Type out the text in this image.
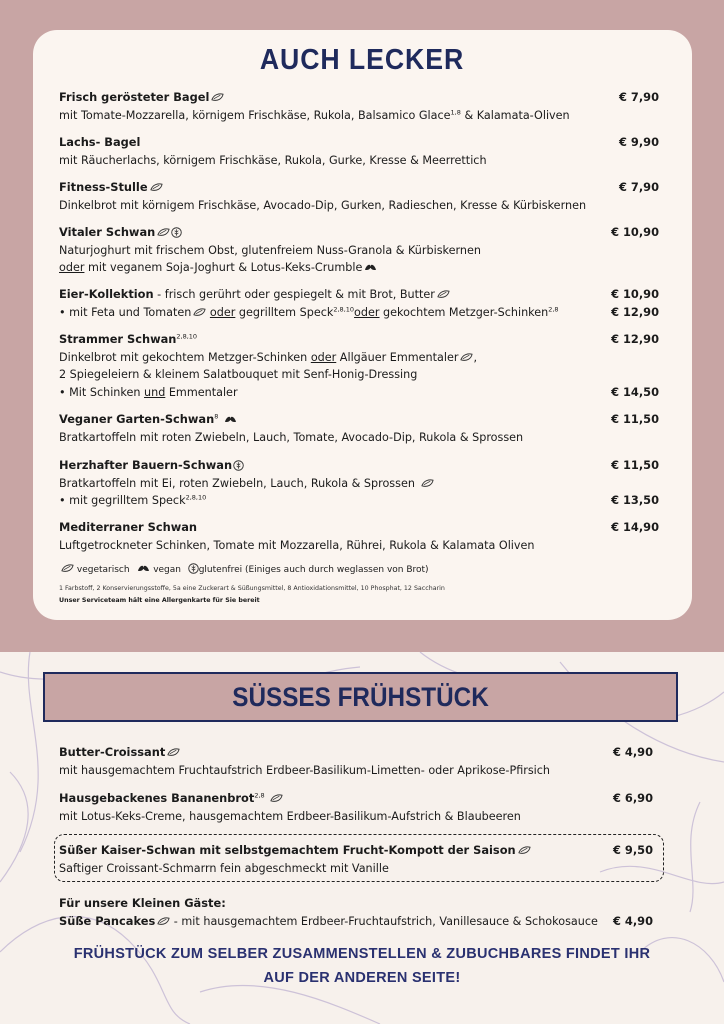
AUCH LECKER
Frisch gerösteter Bagel	€ 7,90
mit Tomate-Mozzarella, körnigem Frischkäse, Rukola, Balsamico Glace$^{1,8}$ & Kalamata-Oliven
Lachs- Bagel	€ 9,90
mit Räucherlachs, körnigem Frischkäse, Rukola, Gurke, Kresse & Meerrettich
Fitness-Stulle	€ 7,90
Dinkelbrot mit körnigem Frischkäse, Avocado-Dip, Gurken, Radieschen, Kresse & Kürbiskernen
Vitaler Schwan	€ 10,90
Naturjoghurt mit frischem Obst, glutenfreiem Nuss-Granola & Kürbiskernen
oder mit veganem Soja-Joghurt & Lotus-Keks-Crumble
Eier-Kollektion - frisch gerührt oder gespiegelt & mit Brot, Butter	€ 10,90
• mit Feta und Tomaten oder gegrilltem Speck$^{2,8,10}$oder gekochtem Metzger-Schinken$^{2,8}$	€ 12,90
Strammer Schwan$^{2,8,10}$	€ 12,90
Dinkelbrot mit gekochtem Metzger-Schinken oder Allgäuer Emmentaler ,
2 Spiegeleiern & kleinem Salatbouquet mit Senf-Honig-Dressing
• Mit Schinken und Emmentaler	€ 14,50
Veganer Garten-Schwan$^8$	€ 11,50
Bratkartoffeln mit roten Zwiebeln, Lauch, Tomate, Avocado-Dip, Rukola & Sprossen
Herzhafter Bauern-Schwan	€ 11,50
Bratkartoffeln mit Ei, roten Zwiebeln, Lauch, Rukola & Sprossen
• mit gegrilltem Speck$^{2,8,10}$	€ 13,50
Mediterraner Schwan	€ 14,90
Luftgetrockneter Schinken, Tomate mit Mozzarella, Rührei, Rukola & Kalamata Oliven
vegetarisch	vegan glutenfrei (Einiges auch durch weglassen von Brot)
1 Farbstoff, 2 Konservierungsstoffe, 5a eine Zuckerart & Süßungsmittel, 8 Antioxidationsmittel, 10 Phosphat, 12 Saccharin
Unser Serviceteam hält eine Allergenkarte für Sie bereit
SÜSSES FRÜHSTÜCK
Butter-Croissant	€ 4,90
mit hausgemachtem Fruchtaufstrich Erdbeer-Basilikum-Limetten- oder Aprikose-Pfirsich
Hausgebackenes Bananenbrot$^{2,8}$	€ 6,90
mit Lotus-Keks-Creme, hausgemachtem Erdbeer-Basilikum-Aufstrich & Blaubeeren
Süßer Kaiser-Schwan mit selbstgemachtem Frucht-Kompott der Saison	€ 9,50
Saftiger Croissant-Schmarrn fein abgeschmeckt mit Vanille
Für unsere Kleinen Gäste:
Süße Pancakes - mit hausgemachtem Erdbeer-Fruchtaufstrich, Vanillesauce & Schokosauce € 4,90
FRÜHSTÜCK ZUM SELBER ZUSAMMENSTELLEN & ZUBUCHBARES FINDET IHR
AUF DER ANDEREN SEITE!
